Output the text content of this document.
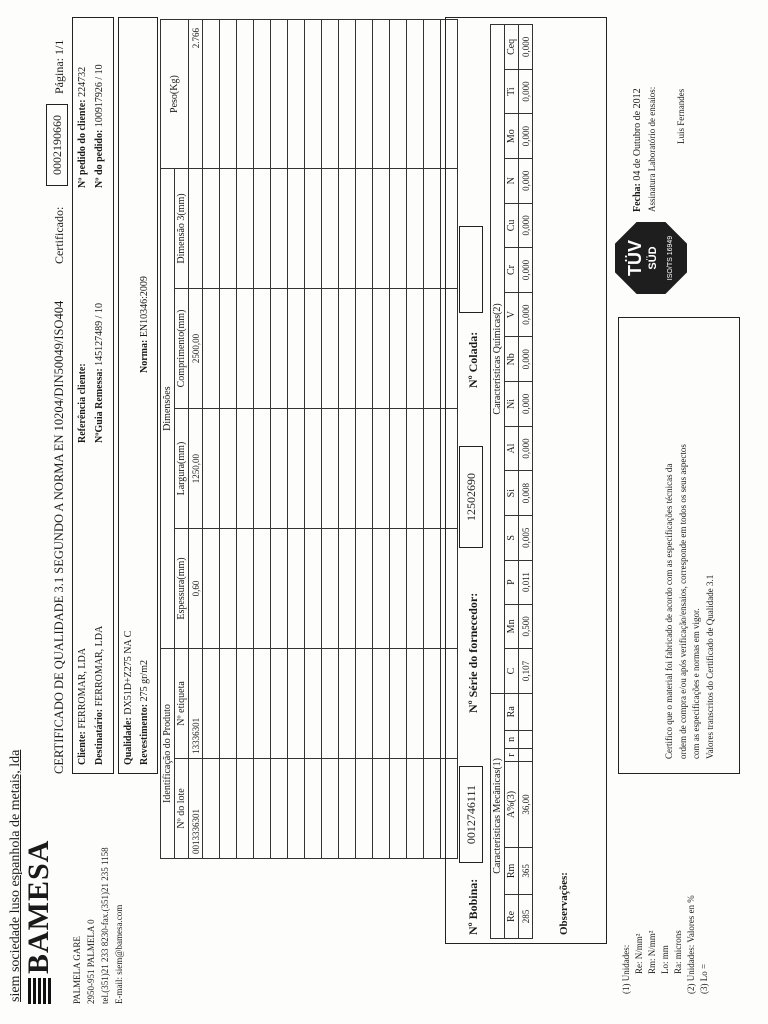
siem sociedade luso espanhola de metais, lda BAMESA PALMELA GARE 2950-951 PALMELA 0 tel.(351)21 233 8230-fax.(351)21 235 1158 E-mail: siem@bamesa.com
CERTIFICADO DE QUALIDADE 3.1 SEGUNDO A NORMA EN 10204/DIN50049/ISO404
Certificado:
0002190660
Página: 1/1
Cliente: FERROMAR, LDA
Destinatário: FERROMAR, LDA
Referência cliente: NºGuia Remessa: 145127489 / 10
Nº pedido do cliente: 224732
Nº do pedido: 100917926 / 10
Qualidade: DX51D+Z275 NA C
Revestimento: 275 gr/m2
Norma: EN10346:2009
Identificação do Produto		Dimensões				Peso(Kg)
Nº do lote	Nº etiqueta	Espessura(mm)	Largura(mm)	Comprimento(mm)	Dimensão 3(mm)	
0013336301	13336301	0,60	1250,00	2500,00		2.766

Nº Bobina:
0012746111
Nº Série do fornecedor:
12502690
Nº Colada:
Características Mecânicas(1)						Características Químicas(2)														
Re	Rm	A%(3)	r	n	Ra	C	Mn	P	S	Si	Al	Ni	Nb	V	Cr	Cu	N	Mo	Ti	Ceq
285	365	36,00				0,107	0,500	0,011	0,005	0,008	0,000	0,000	0,000	0,000	0,000	0,000	0,000	0,000	0,000	0,000
Observações:
(1) Unidades: Re: N/mm² Rm: N/mm² Lo: mm Ra: microns (2) Unidades: Valores en % (3) Lo =
Certifico que o material foi fabricado de acordo com as especificações técnicas da ordem de compra e/ou após verificação/ensaios, corresponde em todos os seus aspectos com as especificações e normas em vigor. Valores transcritos do Certificado de Qualidade 3.1
TÜV SÜD ISO/TS 16949
Fecha: 04 de Outubro de 2012 Assinatura Laboratório de ensaios: Luis Fernandes
